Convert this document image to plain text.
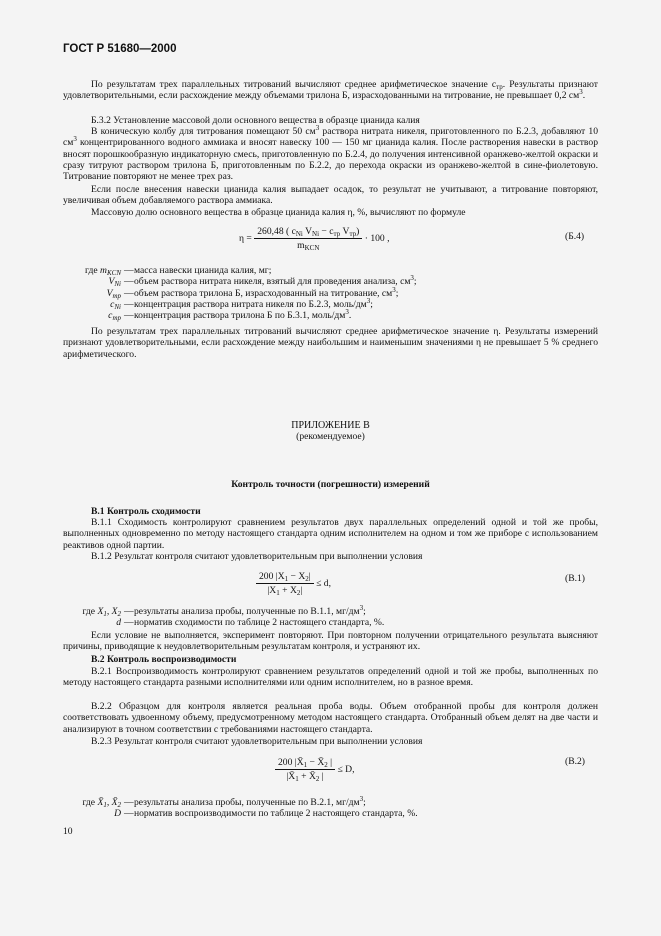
ГОСТ Р 51680—2000
По результатам трех параллельных титрований вычисляют среднее арифметическое значение $c_{тр}$. Результаты признают удовлетворительными, если расхождение между объемами трилона Б, израсходованными на титрование, не превышает 0,2 $см^3$.
Б.3.2 Установление массовой доли основного вещества в образце цианида калия
В коническую колбу для титрования помещают 50 $см^3$ раствора нитрата никеля, приготовленного по Б.2.3, добавляют 10 $см^3$ концентрированного водного аммиака и вносят навеску 100 — 150 мг цианида калия. После растворения навески в раствор вносят порошкообразную индикаторную смесь, приготовленную по Б.2.4, до получения интенсивной оранжево-желтой окраски и сразу титруют раствором трилона Б, приготовленным по Б.2.2, до перехода окраски из оранжево-желтой в сине-фиолетовую. Титрование повторяют не менее трех раз.
Если после внесения навески цианида калия выпадает осадок, то результат не учитывают, а титрование повторяют, увеличивая объем добавляемого раствора аммиака.
Массовую долю основного вещества в образце цианида калия η, %, вычисляют по формуле
$\eta = \frac{260,48 ( c_{Ni} V_{Ni} - c_{тр} V_{тр})}{m_{KCN}} \cdot 100$ ,	(Б.4)
где $m_{KCN}$ — масса навески цианида калия, мг;
$V_{Ni}$ — объем раствора нитрата никеля, взятый для проведения анализа, $см^3$;
$V_{тр}$ — объем раствора трилона Б, израсходованный на титрование, $см^3$;
$c_{Ni}$ — концентрация раствора нитрата никеля по Б.2.3, моль/$дм^3$;
$c_{тр}$ — концентрация раствора трилона Б по Б.3.1, моль/$дм^3$.
По результатам трех параллельных титрований вычисляют среднее арифметическое значение η. Результаты измерений признают удовлетворительными, если расхождение между наибольшим и наименьшим значениями η не превышает 5 % среднего арифметического.
ПРИЛОЖЕНИЕ В
(рекомендуемое)
Контроль точности (погрешности) измерений
В.1 Контроль сходимости
В.1.1 Сходимость контролируют сравнением результатов двух параллельных определений одной и той же пробы, выполненных одновременно по методу настоящего стандарта одним исполнителем на одном и том же приборе с использованием реактивов одной партии.
В.1.2 Результат контроля считают удовлетворительным при выполнении условия
$\frac{200 |X_1 - X_2|}{|X_1 + X_2|} \le d$,	(В.1)
где $X_1$, $X_2$ — результаты анализа пробы, полученные по В.1.1, $мг/дм^3$;
d — норматив сходимости по таблице 2 настоящего стандарта, %.
Если условие не выполняется, эксперимент повторяют. При повторном получении отрицательного результата выясняют причины, приводящие к неудовлетворительным результатам контроля, и устраняют их.
В.2 Контроль воспроизводимости
В.2.1 Воспроизводимость контролируют сравнением результатов определений одной и той же пробы, выполненных по методу настоящего стандарта разными исполнителями или одним исполнителем, но в разное время.
В.2.2 Образцом для контроля является реальная проба воды. Объем отобранной пробы для контроля должен соответствовать удвоенному объему, предусмотренному методом настоящего стандарта. Отобранный объем делят на две части и анализируют в точном соответствии с требованиями настоящего стандарта.
В.2.3 Результат контроля считают удовлетворительным при выполнении условия
$\frac{200 |X̄_1 - X̄_2 |}{|X̄_1 + X̄_2 |} \le D$,
(В.2)
где $X̄_1$, $X̄_2$ — результаты анализа пробы, полученные по В.2.1, $мг/дм^3$;
D — норматив воспроизводимости по таблице 2 настоящего стандарта, %.
10
